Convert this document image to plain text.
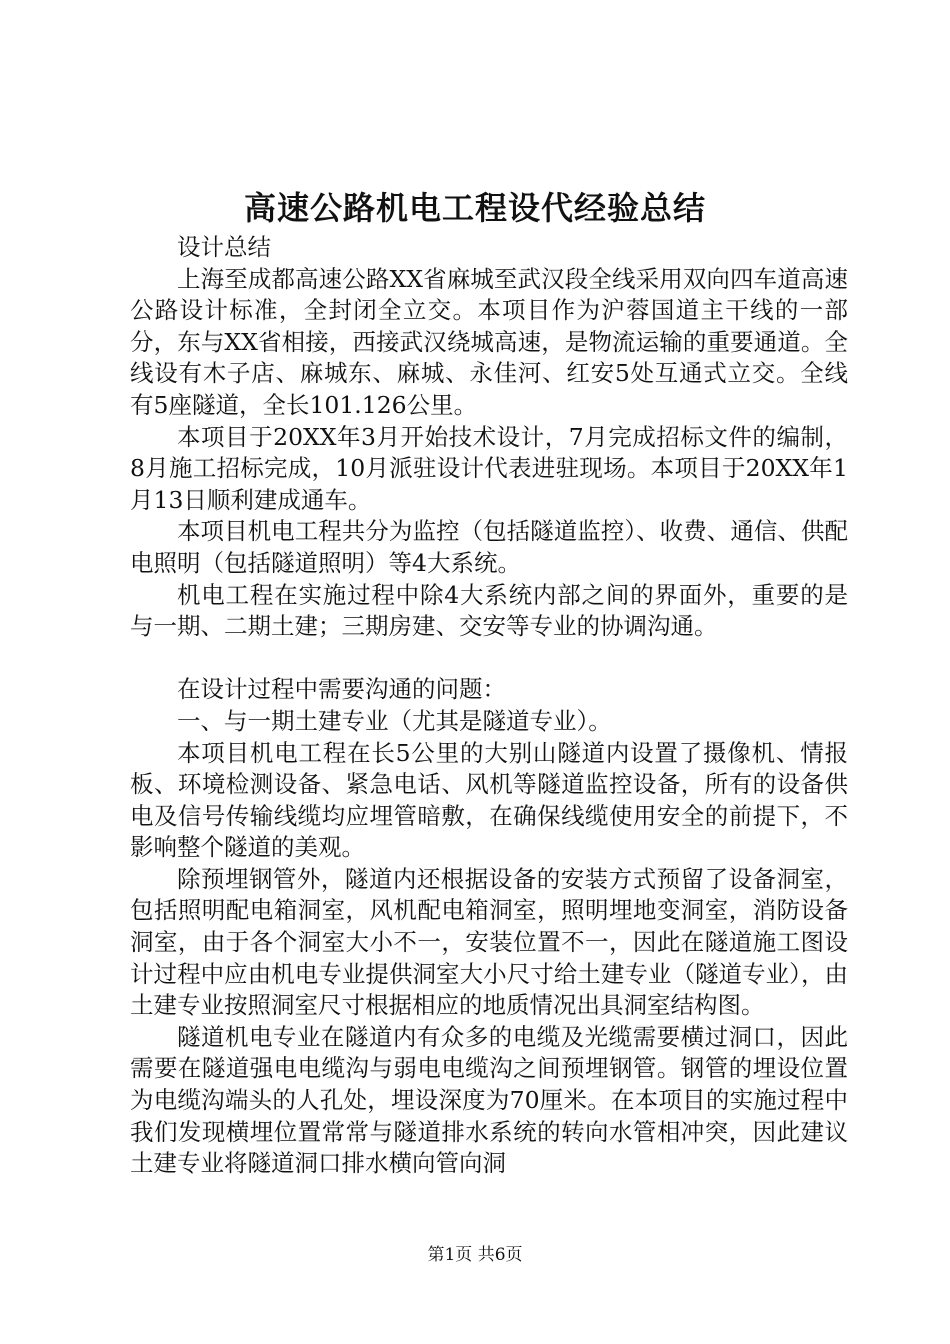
高速公路机电工程设代经验总结

设计总结

上海至成都高速公路XX省麻城至武汉段全线采用双向四车道高速公路设计标准，全封闭全立交。本项目作为沪蓉国道主干线的一部分，东与XX省相接，西接武汉绕城高速，是物流运输的重要通道。全线设有木子店、麻城东、麻城、永佳河、红安5处互通式立交。全线有5座隧道，全长101.126公里。

本项目于20XX年3月开始技术设计，7月完成招标文件的编制，8月施工招标完成，10月派驻设计代表进驻现场。本项目于20XX年1月13日顺利建成通车。

本项目机电工程共分为监控（包括隧道监控）、收费、通信、供配电照明（包括隧道照明）等4大系统。

机电工程在实施过程中除4大系统内部之间的界面外，重要的是与一期、二期土建；三期房建、交安等专业的协调沟通。

在设计过程中需要沟通的问题：

一、与一期土建专业（尤其是隧道专业）。

本项目机电工程在长5公里的大别山隧道内设置了摄像机、情报板、环境检测设备、紧急电话、风机等隧道监控设备，所有的设备供电及信号传输线缆均应埋管暗敷，在确保线缆使用安全的前提下，不影响整个隧道的美观。

除预埋钢管外，隧道内还根据设备的安装方式预留了设备洞室，包括照明配电箱洞室，风机配电箱洞室，照明埋地变洞室，消防设备洞室，由于各个洞室大小不一，安装位置不一，因此在隧道施工图设计过程中应由机电专业提供洞室大小尺寸给土建专业（隧道专业），由土建专业按照洞室尺寸根据相应的地质情况出具洞室结构图。

隧道机电专业在隧道内有众多的电缆及光缆需要横过洞口，因此需要在隧道强电电缆沟与弱电电缆沟之间预埋钢管。钢管的埋设位置为电缆沟端头的人孔处，埋设深度为70厘米。在本项目的实施过程中我们发现横埋位置常常与隧道排水系统的转向水管相冲突，因此建议土建专业将隧道洞口排水横向管向洞

第1页 共6页
